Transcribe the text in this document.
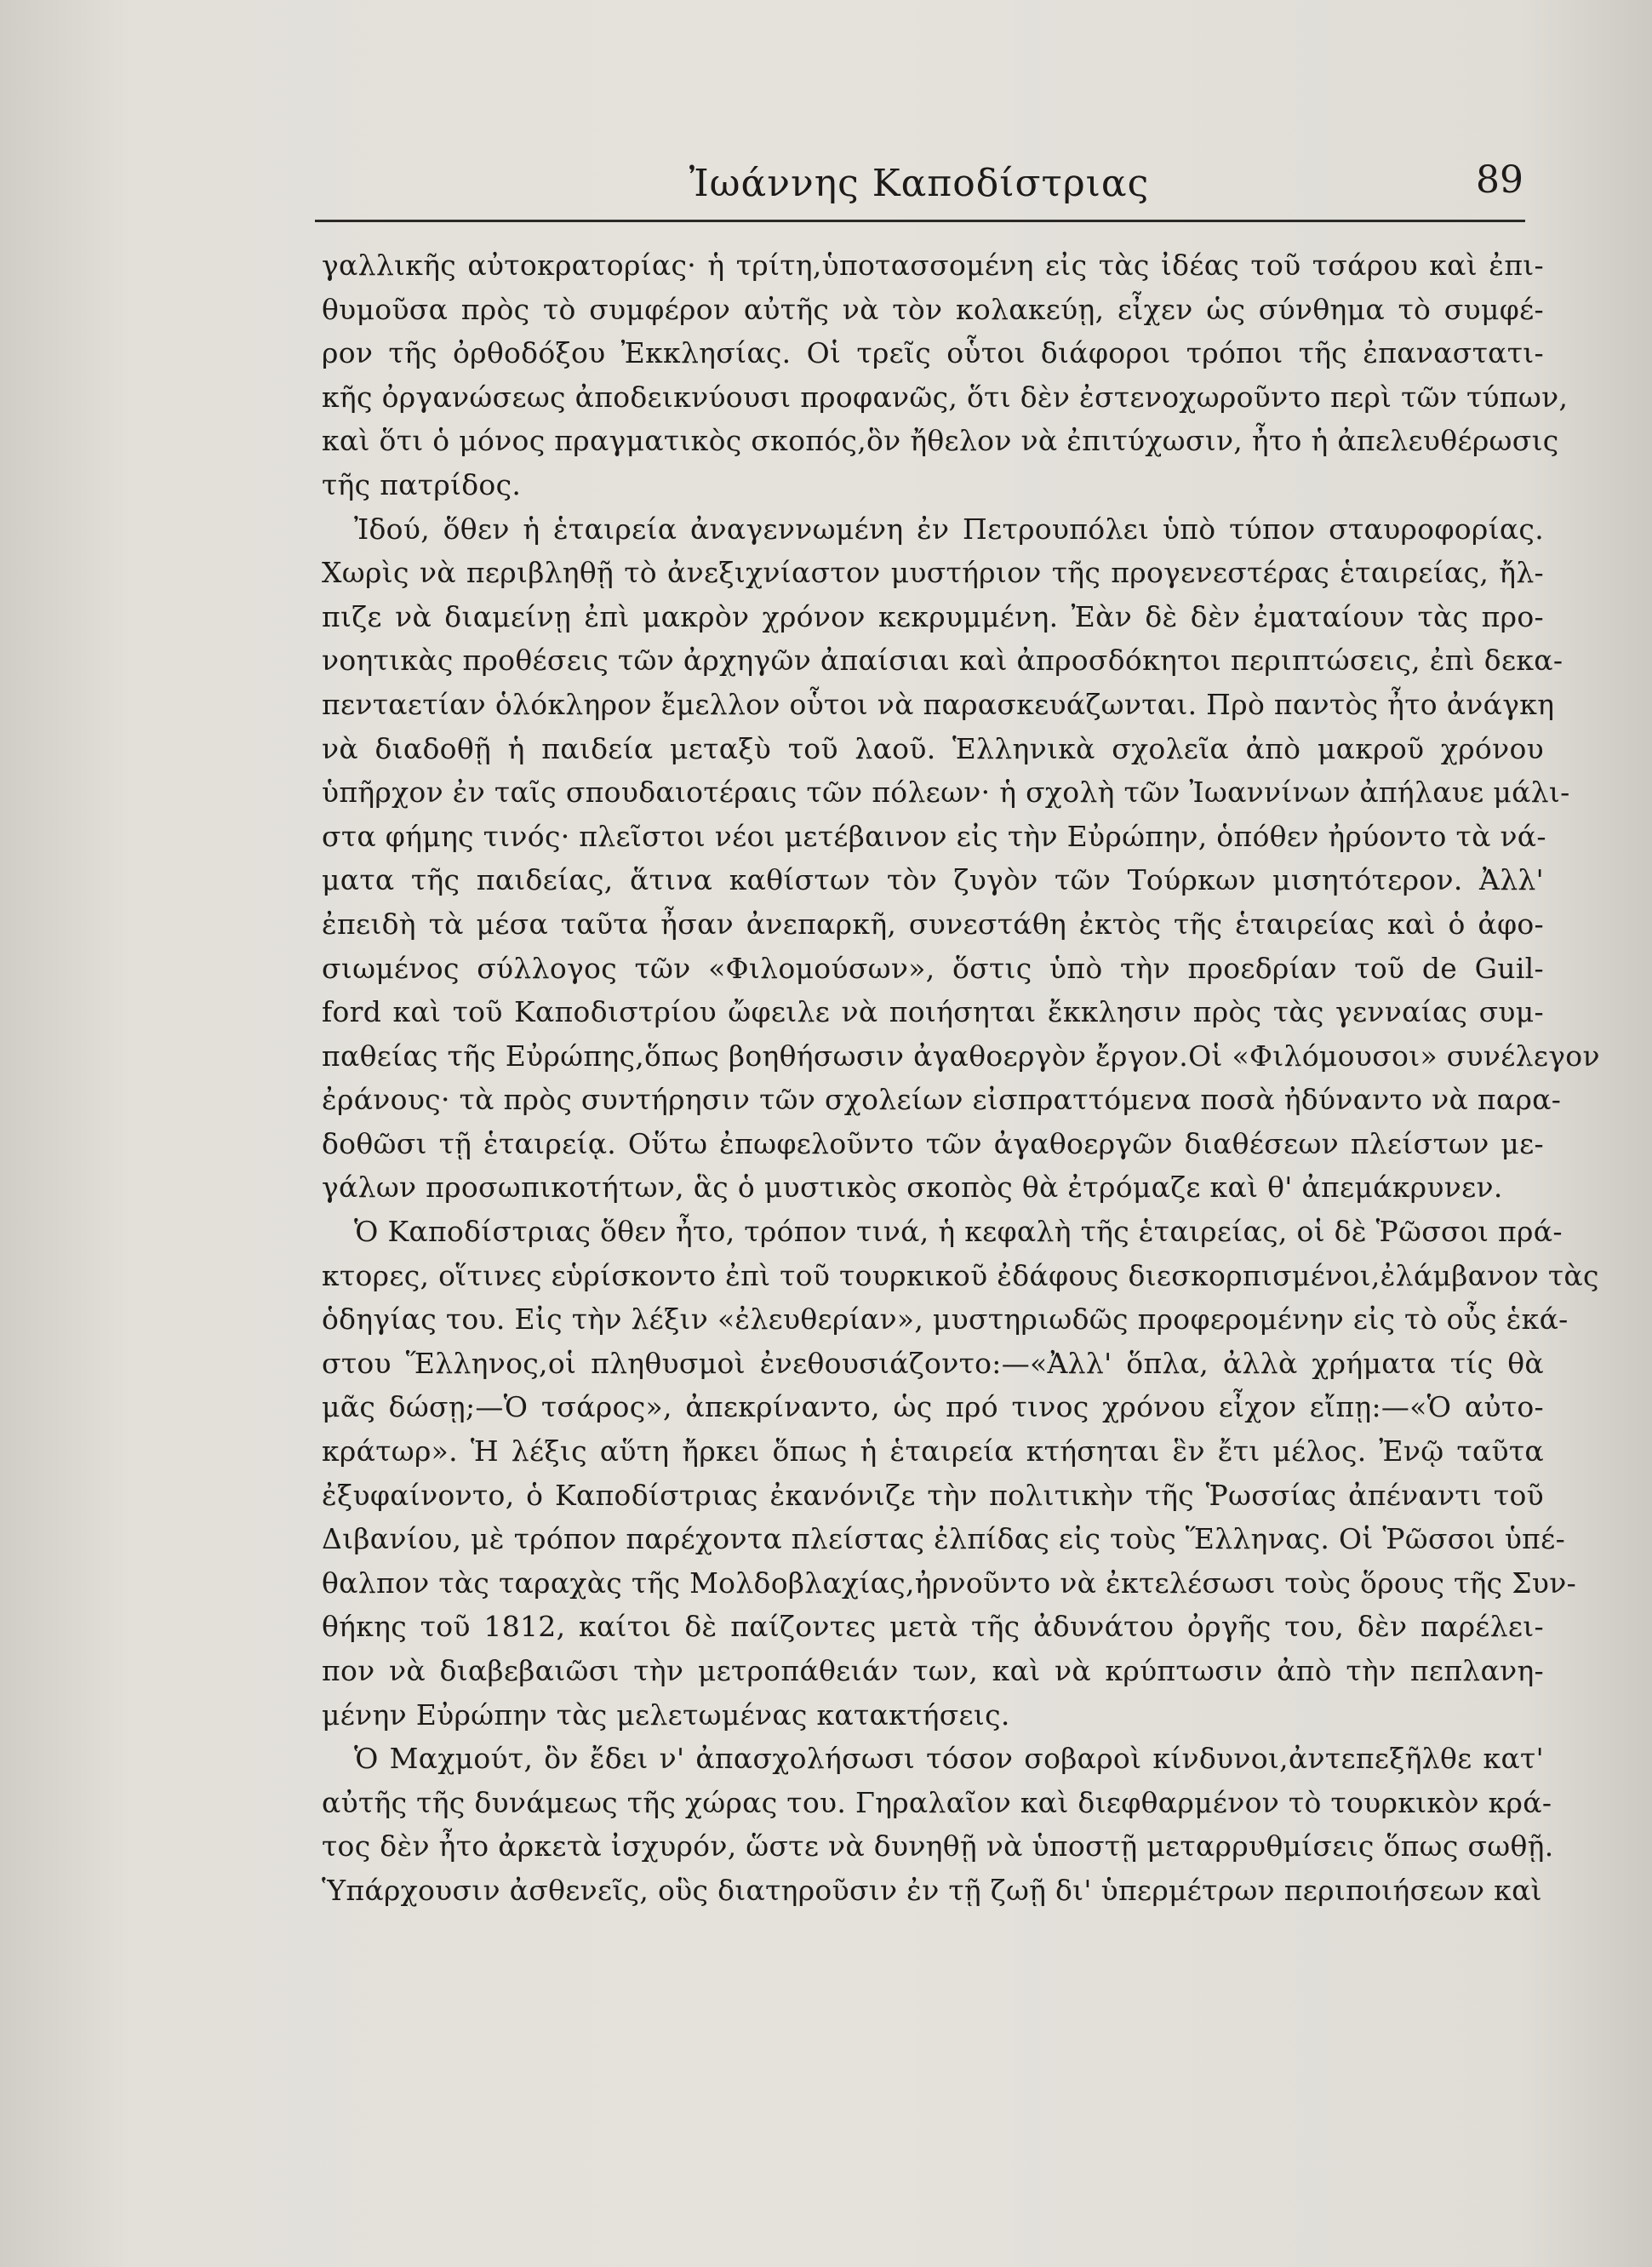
Ἰωάννης Καποδίστριας	89

γαλλικῆς αὐτοκρατορίας· ἡ τρίτη,ὑποτασσομένη εἰς τὰς ἰδέας τοῦ τσάρου καὶ ἐπι-
θυμοῦσα πρὸς τὸ συμφέρον αὐτῆς νὰ τὸν κολακεύῃ, εἶχεν ὡς σύνθημα τὸ συμφέ-
ρον τῆς ὀρθοδόξου Ἐκκλησίας. Οἱ τρεῖς οὗτοι διάφοροι τρόποι τῆς ἐπαναστατι-
κῆς ὀργανώσεως ἀποδεικνύουσι προφανῶς, ὅτι δὲν ἐστενοχωροῦντο περὶ τῶν τύπων,
καὶ ὅτι ὁ μόνος πραγματικὸς σκοπός,ὃν ἤθελον νὰ ἐπιτύχωσιν, ἦτο ἡ ἀπελευθέρωσις
τῆς πατρίδος.

Ἰδού, ὅθεν ἡ ἑταιρεία ἀναγεννωμένη ἐν Πετρουπόλει ὑπὸ τύπον σταυροφορίας.
Χωρὶς νὰ περιβληθῇ τὸ ἀνεξιχνίαστον μυστήριον τῆς προγενεστέρας ἑταιρείας, ἤλ-
πιζε νὰ διαμείνῃ ἐπὶ μακρὸν χρόνον κεκρυμμένη. Ἐὰν δὲ δὲν ἐματαίουν τὰς προ-
νοητικὰς προθέσεις τῶν ἀρχηγῶν ἀπαίσιαι καὶ ἀπροσδόκητοι περιπτώσεις, ἐπὶ δεκα-
πενταετίαν ὁλόκληρον ἔμελλον οὗτοι νὰ παρασκευάζωνται. Πρὸ παντὸς ἦτο ἀνάγκη
νὰ διαδοθῇ ἡ παιδεία μεταξὺ τοῦ λαοῦ. Ἑλληνικὰ σχολεῖα ἀπὸ μακροῦ χρόνου
ὑπῆρχον ἐν ταῖς σπουδαιοτέραις τῶν πόλεων· ἡ σχολὴ τῶν Ἰωαννίνων ἀπήλαυε μάλι-
στα φήμης τινός· πλεῖστοι νέοι μετέβαινον εἰς τὴν Εὐρώπην, ὁπόθεν ἠρύοντο τὰ νά-
ματα τῆς παιδείας, ἅτινα καθίστων τὸν ζυγὸν τῶν Τούρκων μισητότερον. Ἀλλ'
ἐπειδὴ τὰ μέσα ταῦτα ἦσαν ἀνεπαρκῆ, συνεστάθη ἐκτὸς τῆς ἑταιρείας καὶ ὁ ἀφο-
σιωμένος σύλλογος τῶν «Φιλομούσων», ὅστις ὑπὸ τὴν προεδρίαν τοῦ de Guil-
ford καὶ τοῦ Καποδιστρίου ὤφειλε νὰ ποιήσηται ἔκκλησιν πρὸς τὰς γενναίας συμ-
παθείας τῆς Εὐρώπης,ὅπως βοηθήσωσιν ἀγαθοεργὸν ἔργον.Οἱ «Φιλόμουσοι» συνέλεγον
ἐράνους· τὰ πρὸς συντήρησιν τῶν σχολείων εἰσπραττόμενα ποσὰ ἠδύναντο νὰ παρα-
δοθῶσι τῇ ἑταιρείᾳ. Οὕτω ἐπωφελοῦντο τῶν ἀγαθοεργῶν διαθέσεων πλείστων με-
γάλων προσωπικοτήτων, ἃς ὁ μυστικὸς σκοπὸς θὰ ἐτρόμαζε καὶ θ' ἀπεμάκρυνεν.

Ὁ Καποδίστριας ὅθεν ἦτο, τρόπον τινά, ἡ κεφαλὴ τῆς ἑταιρείας, οἱ δὲ Ῥῶσσοι πρά-
κτορες, οἵτινες εὑρίσκοντο ἐπὶ τοῦ τουρκικοῦ ἐδάφους διεσκορπισμένοι,ἐλάμβανον τὰς
ὁδηγίας του. Εἰς τὴν λέξιν «ἐλευθερίαν», μυστηριωδῶς προφερομένην εἰς τὸ οὖς ἑκά-
στου Ἕλληνος,οἱ πληθυσμοὶ ἐνεθουσιάζοντο:—«Ἀλλ' ὅπλα, ἀλλὰ χρήματα τίς θὰ
μᾶς δώσῃ;—Ὁ τσάρος», ἀπεκρίναντο, ὡς πρό τινος χρόνου εἶχον εἴπῃ:—«Ὁ αὐτο-
κράτωρ». Ἡ λέξις αὕτη ἤρκει ὅπως ἡ ἑταιρεία κτήσηται ἓν ἔτι μέλος. Ἐνῷ ταῦτα
ἐξυφαίνοντο, ὁ Καποδίστριας ἐκανόνιζε τὴν πολιτικὴν τῆς Ῥωσσίας ἀπέναντι τοῦ
Διβανίου, μὲ τρόπον παρέχοντα πλείστας ἐλπίδας εἰς τοὺς Ἕλληνας. Οἱ Ῥῶσσοι ὑπέ-
θαλπον τὰς ταραχὰς τῆς Μολδοβλαχίας,ἠρνοῦντο νὰ ἐκτελέσωσι τοὺς ὅρους τῆς Συν-
θήκης τοῦ 1812, καίτοι δὲ παίζοντες μετὰ τῆς ἀδυνάτου ὀργῆς του, δὲν παρέλει-
πον νὰ διαβεβαιῶσι τὴν μετροπάθειάν των, καὶ νὰ κρύπτωσιν ἀπὸ τὴν πεπλανη-
μένην Εὐρώπην τὰς μελετωμένας κατακτήσεις.

Ὁ Μαχμούτ, ὃν ἔδει ν' ἀπασχολήσωσι τόσον σοβαροὶ κίνδυνοι,ἀντεπεξῆλθε κατ'
αὐτῆς τῆς δυνάμεως τῆς χώρας του. Γηραλαῖον καὶ διεφθαρμένον τὸ τουρκικὸν κρά-
τος δὲν ἦτο ἀρκετὰ ἰσχυρόν, ὥστε νὰ δυνηθῇ νὰ ὑποστῇ μεταρρυθμίσεις ὅπως σωθῇ.
Ὑπάρχουσιν ἀσθενεῖς, οὓς διατηροῦσιν ἐν τῇ ζωῇ δι' ὑπερμέτρων περιποιήσεων καὶ
